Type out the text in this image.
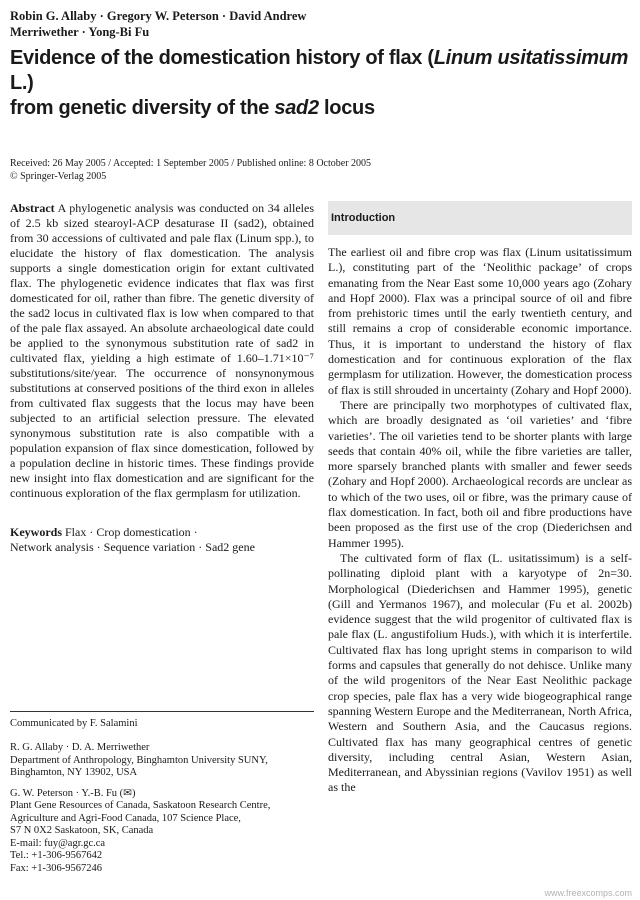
Robin G. Allaby · Gregory W. Peterson · David Andrew
Merriwether · Yong-Bi Fu
Evidence of the domestication history of flax (Linum usitatissimum L.)
from genetic diversity of the sad2 locus
Received: 26 May 2005 / Accepted: 1 September 2005 / Published online: 8 October 2005
© Springer-Verlag 2005

Abstract A phylogenetic analysis was conducted on 34 alleles of 2.5 kb sized stearoyl-ACP desaturase II (sad2), obtained from 30 accessions of cultivated and pale flax (Linum spp.), to elucidate the history of flax domestication. The analysis supports a single domestication origin for extant cultivated flax. The phylogenetic evidence indicates that flax was first domesticated for oil, rather than fibre. The genetic diversity of the sad2 locus in cultivated flax is low when compared to that of the pale flax assayed. An absolute archaeological date could be applied to the synonymous substitution rate of sad2 in cultivated flax, yielding a high estimate of 1.60–1.71×10⁻⁷ substitutions/site/year. The occurrence of nonsynonymous substitutions at conserved positions of the third exon in alleles from cultivated flax suggests that the locus may have been subjected to an artificial selection pressure. The elevated synonymous substitution rate is also compatible with a population expansion of flax since domestication, followed by a population decline in historic times. These findings provide new insight into flax domestication and are significant for the continuous exploration of the flax germplasm for utilization.

Keywords Flax · Crop domestication ·
Network analysis · Sequence variation · Sad2 gene

Communicated by F. Salamini

R. G. Allaby · D. A. Merriwether
Department of Anthropology, Binghamton University SUNY,
Binghamton, NY 13902, USA

G. W. Peterson · Y.-B. Fu (✉)
Plant Gene Resources of Canada, Saskatoon Research Centre,
Agriculture and Agri-Food Canada, 107 Science Place,
S7 N 0X2 Saskatoon, SK, Canada
E-mail: fuy@agr.gc.ca
Tel.: +1-306-9567642
Fax: +1-306-9567246

Introduction

The earliest oil and fibre crop was flax (Linum usitatissimum L.), constituting part of the ‘Neolithic package’ of crops emanating from the Near East some 10,000 years ago (Zohary and Hopf 2000). Flax was a principal source of oil and fibre from prehistoric times until the early twentieth century, and still remains a crop of considerable economic importance. Thus, it is important to understand the history of flax domestication and for continuous exploration of the flax germplasm for utilization. However, the domestication process of flax is still shrouded in uncertainty (Zohary and Hopf 2000).

There are principally two morphotypes of cultivated flax, which are broadly designated as ‘oil varieties’ and ‘fibre varieties’. The oil varieties tend to be shorter plants with large seeds that contain 40% oil, while the fibre varieties are taller, more sparsely branched plants with smaller and fewer seeds (Zohary and Hopf 2000). Archaeological records are unclear as to which of the two uses, oil or fibre, was the primary cause of flax domestication. In fact, both oil and fibre productions have been proposed as the first use of the crop (Diederichsen and Hammer 1995).

The cultivated form of flax (L. usitatissimum) is a self-pollinating diploid plant with a karyotype of 2n=30. Morphological (Diederichsen and Hammer 1995), genetic (Gill and Yermanos 1967), and molecular (Fu et al. 2002b) evidence suggest that the wild progenitor of cultivated flax is pale flax (L. angustifolium Huds.), with which it is interfertile. Cultivated flax has long upright stems in comparison to wild forms and capsules that generally do not dehisce. Unlike many of the wild progenitors of the Near East Neolithic package crop species, pale flax has a very wide biogeographical range spanning Western Europe and the Mediterranean, North Africa, Western and Southern Asia, and the Caucasus regions. Cultivated flax has many geographical centres of genetic diversity, including central Asian, Western Asian, Mediterranean, and Abyssinian regions (Vavilov 1951) as well as the

www.freexcomps.com
